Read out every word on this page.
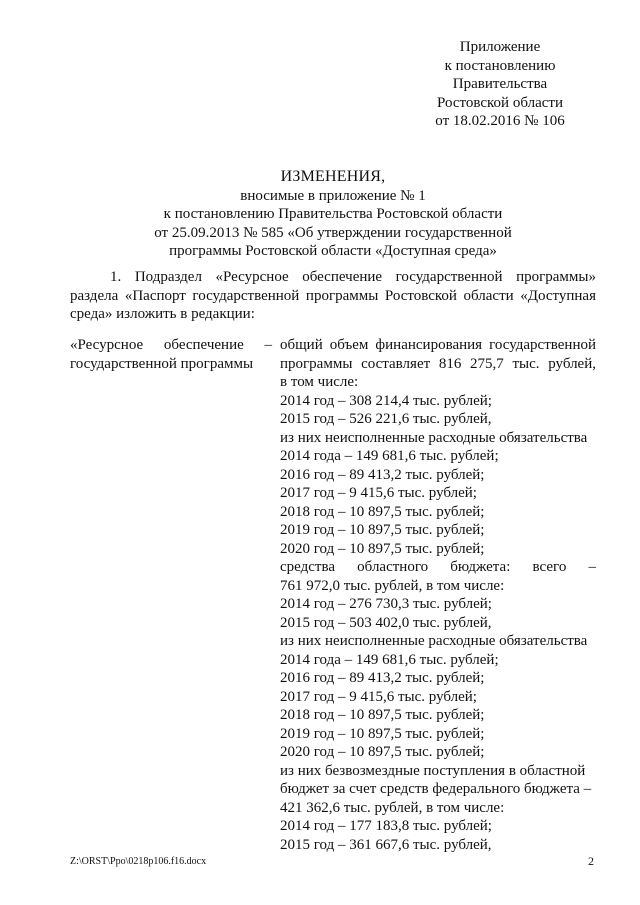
Приложение
к постановлению
Правительства
Ростовской области
от 18.02.2016 № 106
ИЗМЕНЕНИЯ,
вносимые в приложение № 1
к постановлению Правительства Ростовской области
от 25.09.2013 № 585 «Об утверждении государственной
программы Ростовской области «Доступная среда»
1. Подраздел «Ресурсное обеспечение государственной программы» раздела «Паспорт государственной программы Ростовской области «Доступная среда» изложить в редакции:
«Ресурсное обеспечение – государственной программы
общий объем финансирования государственной
программы составляет 816 275,7 тыс. рублей,
в том числе:
2014 год – 308 214,4 тыс. рублей;
2015 год – 526 221,6 тыс. рублей,
из них неисполненные расходные обязательства
2014 года – 149 681,6 тыс. рублей;
2016 год – 89 413,2 тыс. рублей;
2017 год – 9 415,6 тыс. рублей;
2018 год – 10 897,5 тыс. рублей;
2019 год – 10 897,5 тыс. рублей;
2020 год – 10 897,5 тыс. рублей;
средства областного бюджета: всего –
761 972,0 тыс. рублей, в том числе:
2014 год – 276 730,3 тыс. рублей;
2015 год – 503 402,0 тыс. рублей,
из них неисполненные расходные обязательства
2014 года – 149 681,6 тыс. рублей;
2016 год – 89 413,2 тыс. рублей;
2017 год – 9 415,6 тыс. рублей;
2018 год – 10 897,5 тыс. рублей;
2019 год – 10 897,5 тыс. рублей;
2020 год – 10 897,5 тыс. рублей;
из них безвозмездные поступления в областной
бюджет за счет средств федерального бюджета –
421 362,6 тыс. рублей, в том числе:
2014 год – 177 183,8 тыс. рублей;
2015 год – 361 667,6 тыс. рублей,
Z:\ORST\Ppo\0218p106.f16.docx	2
